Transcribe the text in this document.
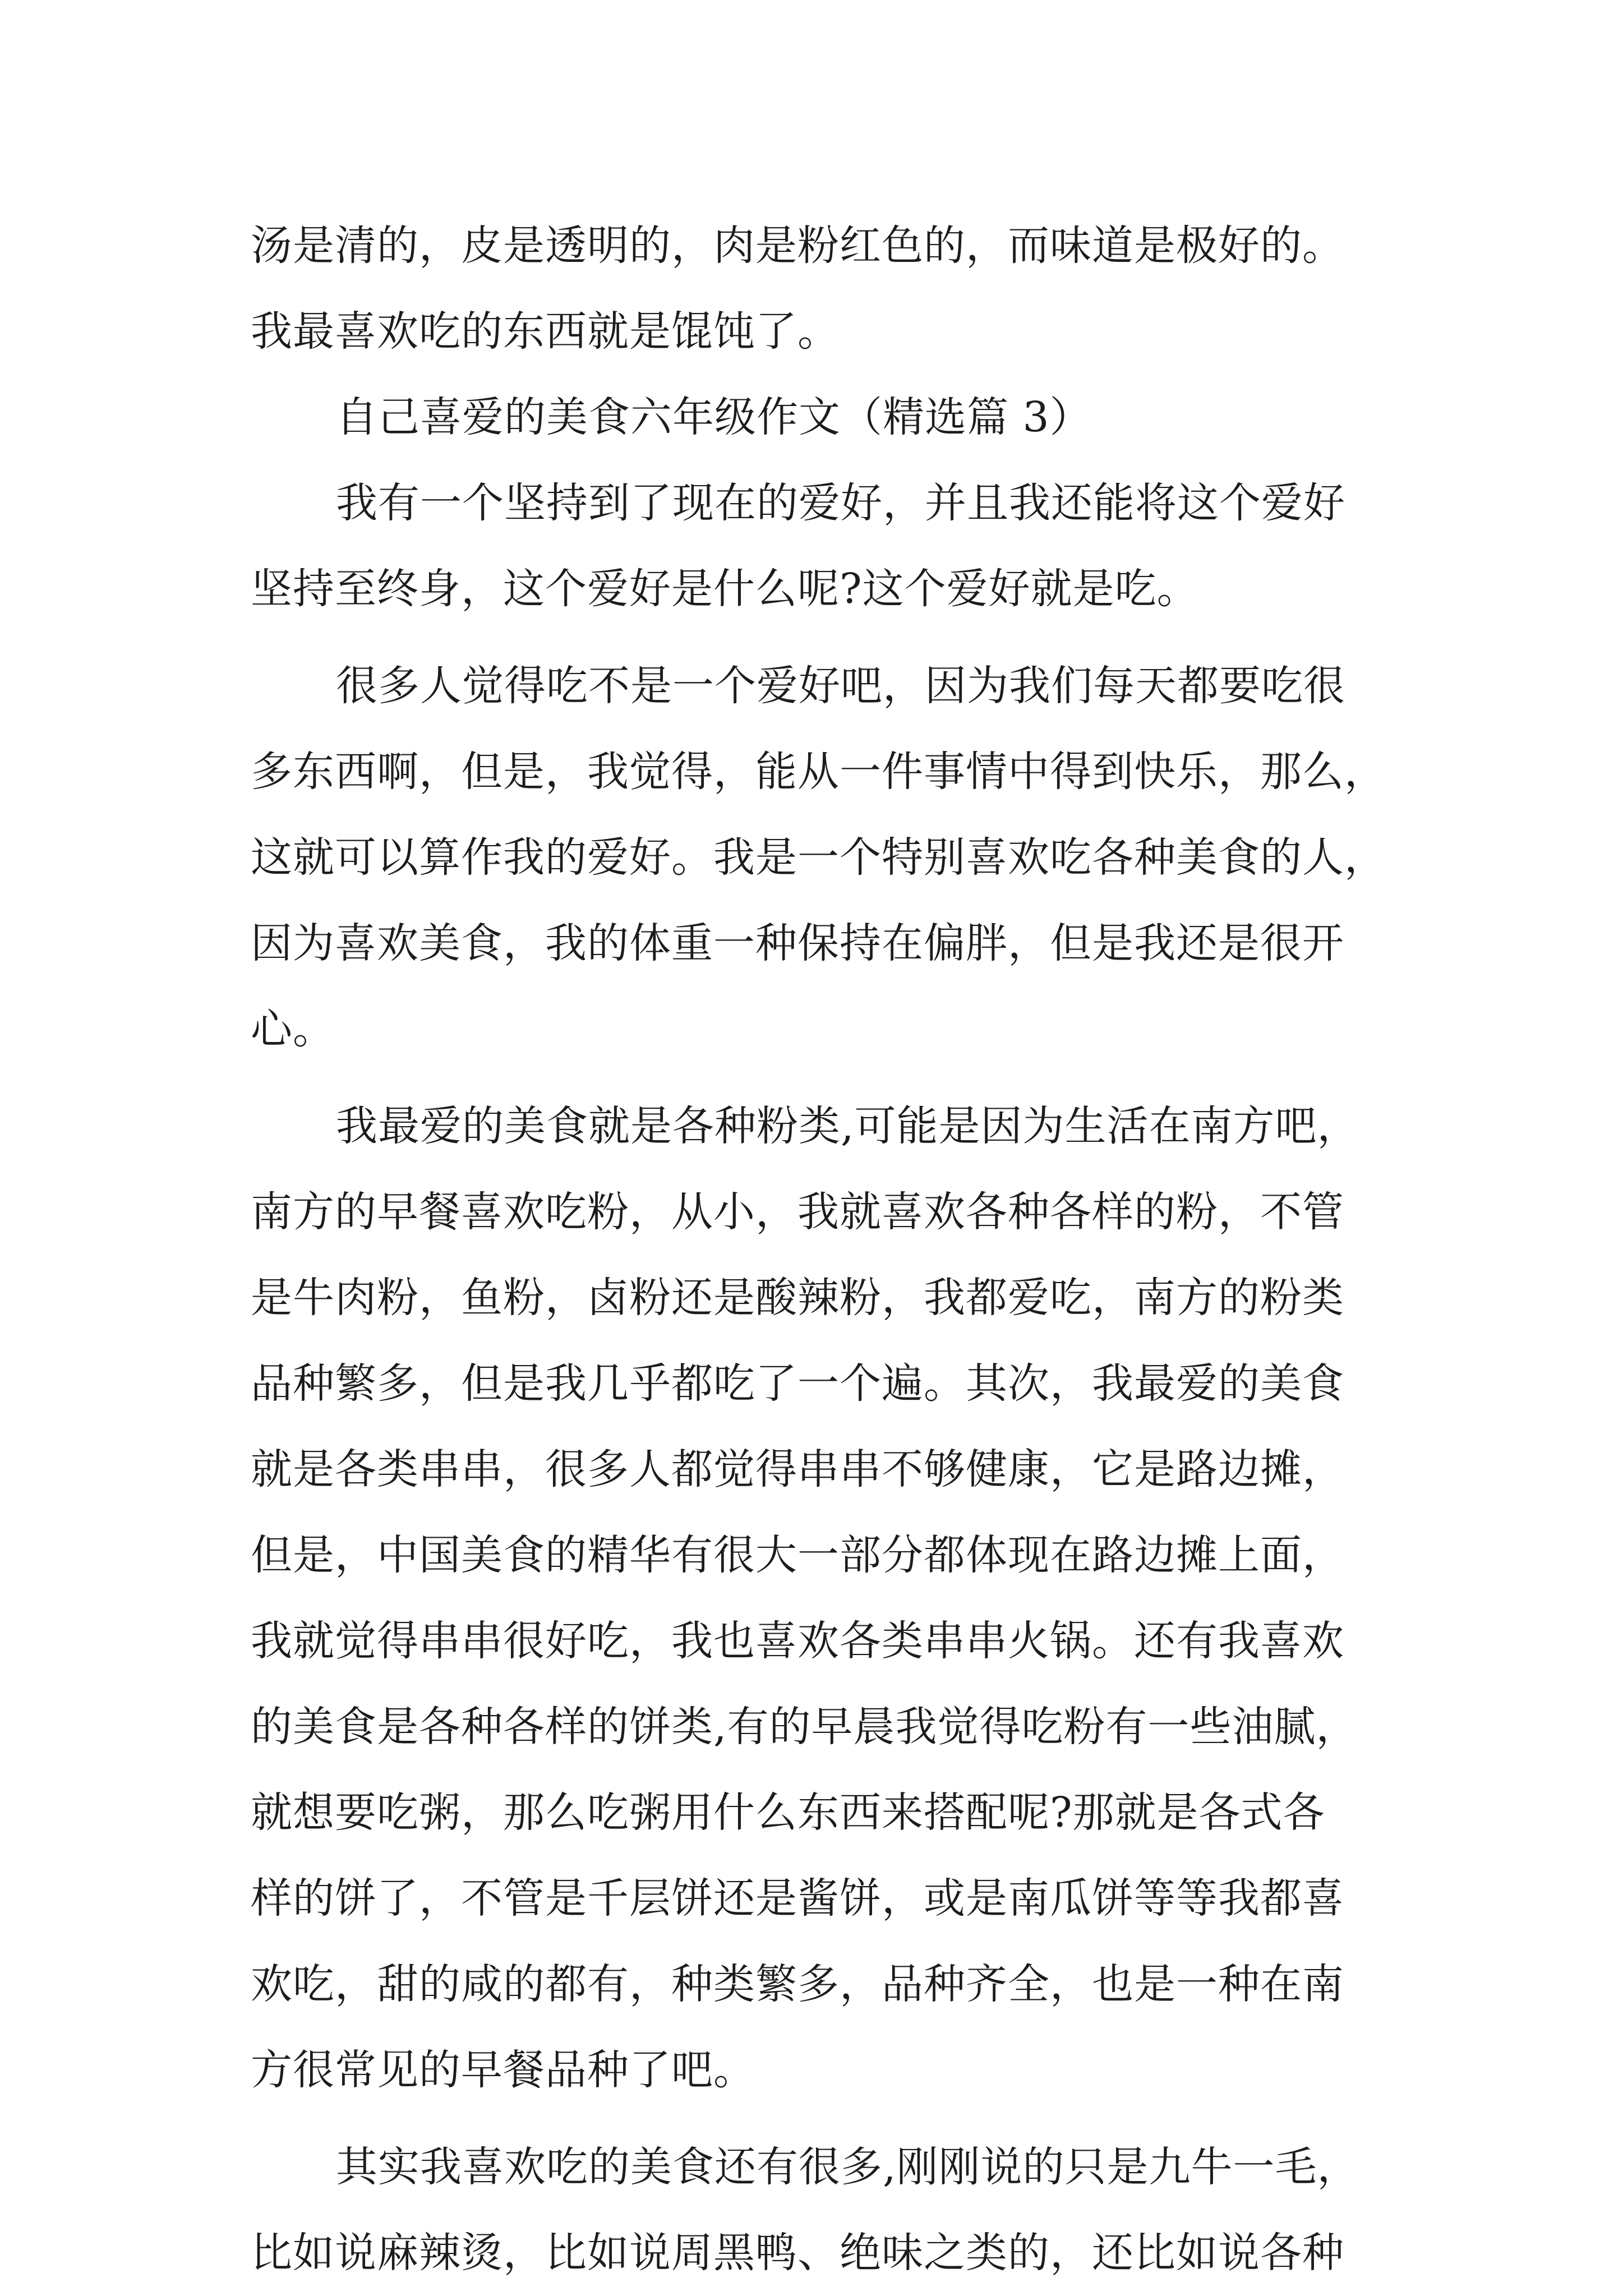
汤是清的，皮是透明的，肉是粉红色的，而味道是极好的。
我最喜欢吃的东西就是馄饨了。
自己喜爱的美食六年级作文（精选篇 3）
我有一个坚持到了现在的爱好，并且我还能将这个爱好
坚持至终身，这个爱好是什么呢?这个爱好就是吃。
很多人觉得吃不是一个爱好吧，因为我们每天都要吃很
多东西啊，但是，我觉得，能从一件事情中得到快乐，那么，
这就可以算作我的爱好。我是一个特别喜欢吃各种美食的人，
因为喜欢美食，我的体重一种保持在偏胖，但是我还是很开
心。
我最爱的美食就是各种粉类,可能是因为生活在南方吧，
南方的早餐喜欢吃粉，从小，我就喜欢各种各样的粉，不管
是牛肉粉，鱼粉，卤粉还是酸辣粉，我都爱吃，南方的粉类
品种繁多，但是我几乎都吃了一个遍。其次，我最爱的美食
就是各类串串，很多人都觉得串串不够健康，它是路边摊，
但是，中国美食的精华有很大一部分都体现在路边摊上面，
我就觉得串串很好吃，我也喜欢各类串串火锅。还有我喜欢
的美食是各种各样的饼类,有的早晨我觉得吃粉有一些油腻，
就想要吃粥，那么吃粥用什么东西来搭配呢?那就是各式各
样的饼了，不管是千层饼还是酱饼，或是南瓜饼等等我都喜
欢吃，甜的咸的都有，种类繁多，品种齐全，也是一种在南
方很常见的早餐品种了吧。
其实我喜欢吃的美食还有很多,刚刚说的只是九牛一毛，
比如说麻辣烫，比如说周黑鸭、绝味之类的，还比如说各种
